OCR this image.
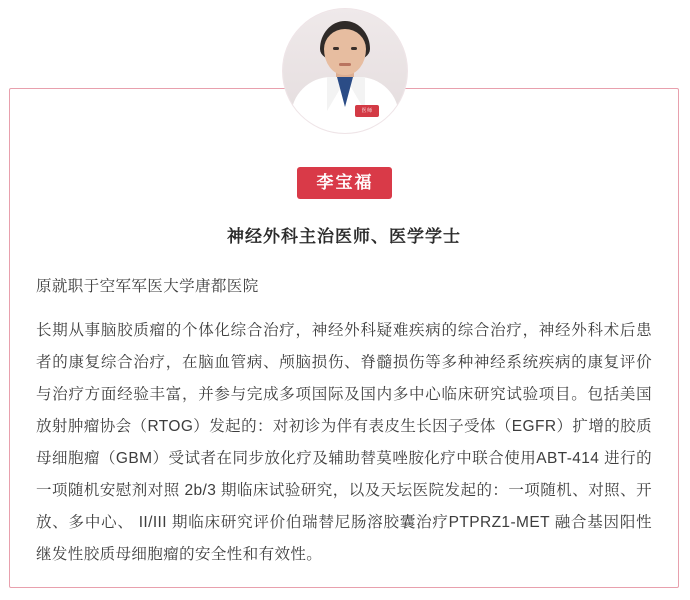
李宝福
神经外科主治医师、医学学士

原就职于空军军医大学唐都医院

长期从事脑胶质瘤的个体化综合治疗，神经外科疑难疾病的综合治疗，神经外科术后患者的康复综合治疗，在脑血管病、颅脑损伤、脊髓损伤等多种神经系统疾病的康复评价与治疗方面经验丰富，并参与完成多项国际及国内多中心临床研究试验项目。包括美国放射肿瘤协会（RTOG）发起的：对初诊为伴有表皮生长因子受体（EGFR）扩增的胶质母细胞瘤（GBM）受试者在同步放化疗及辅助替莫唑胺化疗中联合使用ABT-414 进行的一项随机安慰剂对照 2b/3 期临床试验研究，以及天坛医院发起的：一项随机、对照、开放、多中心、 II/III 期临床研究评价伯瑞替尼肠溶胶囊治疗PTPRZ1-MET 融合基因阳性继发性胶质母细胞瘤的安全性和有效性。

医师
